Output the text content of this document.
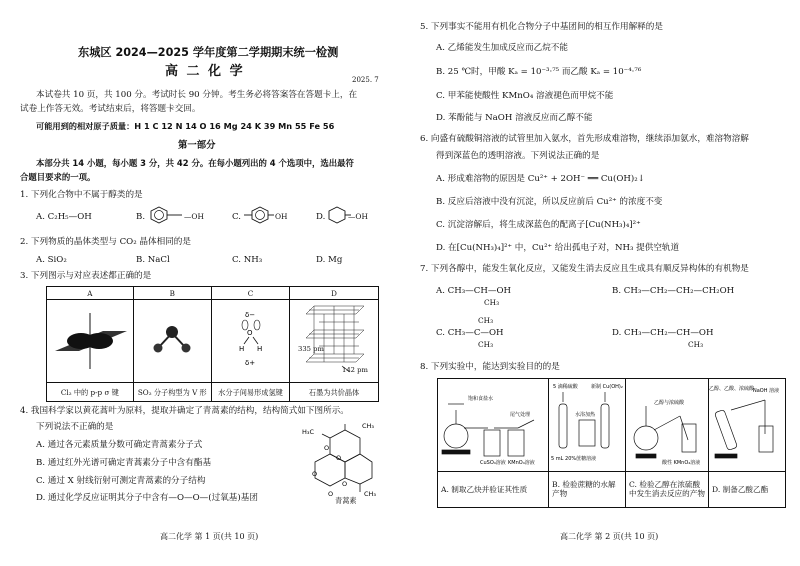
东城区 2024—2025 学年度第二学期期末统一检测
高 二 化 学
2025. 7
本试卷共 10 页，共 100 分。考试时长 90 分钟。考生务必将答案答在答题卡上，在
试卷上作答无效。考试结束后，将答题卡交回。
可能用到的相对原子质量：H 1 C 12 N 14 O 16 Mg 24 K 39 Mn 55 Fe 56
第一部分
本部分共 14 小题，每小题 3 分，共 42 分。在每小题列出的 4 个选项中，选出最符
合题目要求的一项。
1. 下列化合物中不属于醇类的是
A. C₂H₅—OH	B.	—OH	C.	OH	D.	—OH
2. 下列物质的晶体类型与 CO₂ 晶体相同的是
A. SiO₂	B. NaCl	C. NH₃	D. Mg
3. 下列图示与对应表述都正确的是
A	B	C	D

δ−
H
O
H
δ+

Cl₂ 中的 p-p σ 键	SO₂ 分子构型为 V 形	水分子间易形成氢键	石墨为共价晶体
335 pm
142 pm
4. 我国科学家以黄花蒿叶为原料，提取并确定了青蒿素的结构，结构简式如下图所示。
下列说法不正确的是
A. 通过各元素质量分数可确定青蒿素分子式
B. 通过红外光谱可确定青蒿素分子中含有酯基
C. 通过 X 射线衍射可测定青蒿素的分子结构
D. 通过化学反应证明其分子中含有—O—O—(过氧基)基团
H₃C
O
O
O
O
O
CH₃
CH₃
青蒿素
高二化学 第 1 页(共 10 页)
5. 下列事实不能用有机化合物分子中基团间的相互作用解释的是
A. 乙烯能发生加成反应而乙烷不能
B. 25 ℃时，甲酸 Kₐ = 10⁻³·⁷⁵ 而乙酸 Kₐ = 10⁻⁴·⁷⁶
C. 甲苯能使酸性 KMnO₄ 溶液褪色而甲烷不能
D. 苯酚能与 NaOH 溶液反应而乙醇不能
6. 向盛有硫酸铜溶液的试管里加入氨水，首先形成难溶物，继续添加氨水，难溶物溶解
得到深蓝色的透明溶液。下列说法正确的是
A. 形成难溶物的原因是 Cu²⁺ + 2OH⁻ ══ Cu(OH)₂↓
B. 反应后溶液中没有沉淀，所以反应前后 Cu²⁺ 的浓度不变
C. 沉淀溶解后，将生成深蓝色的配离子[Cu(NH₃)₄]²⁺
D. 在[Cu(NH₃)₄]²⁺ 中，Cu²⁺ 给出孤电子对，NH₃ 提供空轨道
7. 下列各醇中，能发生氧化反应，又能发生消去反应且生成具有顺反异构体的有机物是
A. CH₃—CH—OH
CH₃
B. CH₃—CH₂—CH₂—CH₂OH
CH₃
C. CH₃—C—OH
CH₃
D. CH₃—CH₂—CH—OH
CH₃
8. 下列实验中，能达到实验目的的是
高二化学 第 2 页(共 10 页)
饱和食盐水
尾气处理
CuSO₄溶液 KMnO₄溶液	5 滴稀硫酸 新制 Cu(OH)₂
水浴加热
5 mL 20%蔗糖溶液	乙醇与浓硫酸
酸性 KMnO₄溶液	乙醇、乙酸、浓硫酸
NaOH 溶液

A. 制取乙炔并验证其性质	B. 检验蔗糖的水解产物	C. 检验乙醇在浓硫酸中发生消去反应的产物	D. 制备乙酸乙酯
